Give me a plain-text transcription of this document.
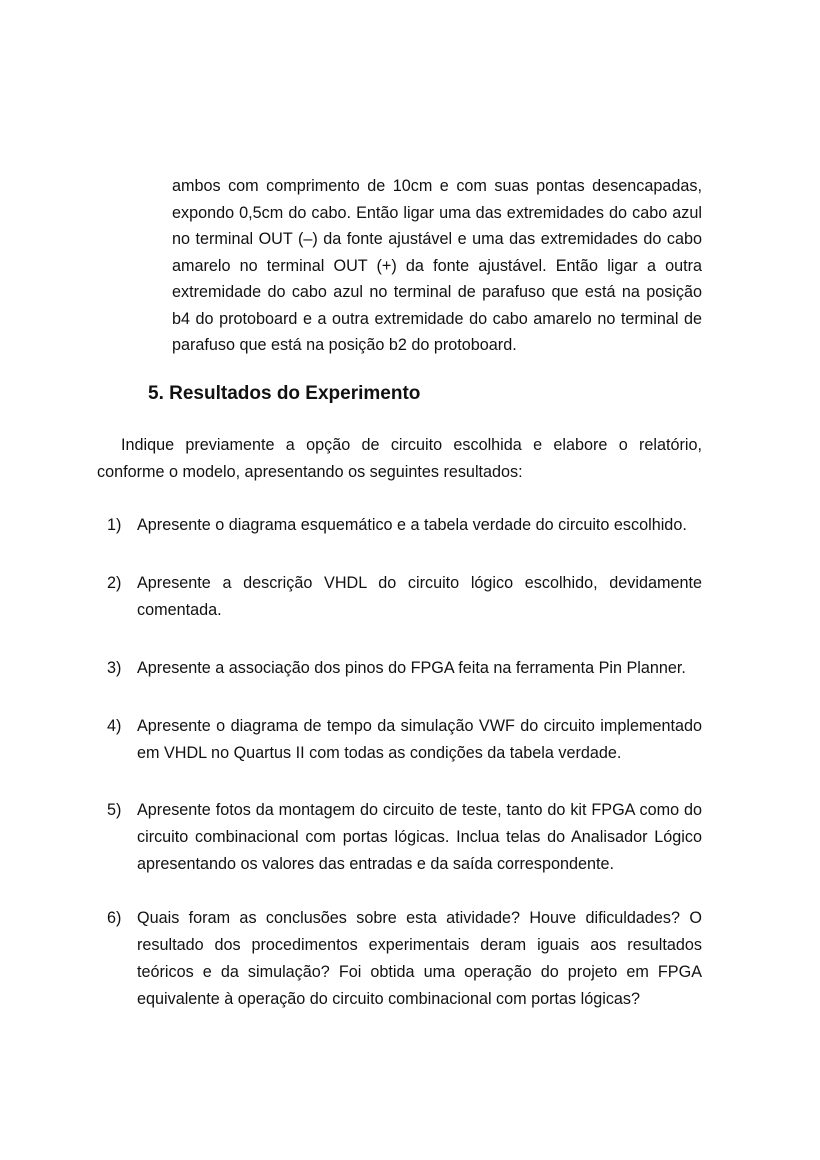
ambos com comprimento de 10cm e com suas pontas desencapadas, expondo 0,5cm do cabo. Então ligar uma das extremidades do cabo azul no terminal OUT (–) da fonte ajustável e uma das extremidades do cabo amarelo no terminal OUT (+) da fonte ajustável. Então ligar a outra extremidade do cabo azul no terminal de parafuso que está na posição b4 do protoboard e a outra extremidade do cabo amarelo no terminal de parafuso que está na posição b2 do protoboard.

5. Resultados do Experimento

Indique previamente a opção de circuito escolhida e elabore o relatório, conforme o modelo, apresentando os seguintes resultados:

1) Apresente o diagrama esquemático e a tabela verdade do circuito escolhido.
2) Apresente a descrição VHDL do circuito lógico escolhido, devidamente comentada.
3) Apresente a associação dos pinos do FPGA feita na ferramenta Pin Planner.
4) Apresente o diagrama de tempo da simulação VWF do circuito implementado em VHDL no Quartus II com todas as condições da tabela verdade.
5) Apresente fotos da montagem do circuito de teste, tanto do kit FPGA como do circuito combinacional com portas lógicas. Inclua telas do Analisador Lógico apresentando os valores das entradas e da saída correspondente.
6) Quais foram as conclusões sobre esta atividade? Houve dificuldades? O resultado dos procedimentos experimentais deram iguais aos resultados teóricos e da simulação? Foi obtida uma operação do projeto em FPGA equivalente à operação do circuito combinacional com portas lógicas?
